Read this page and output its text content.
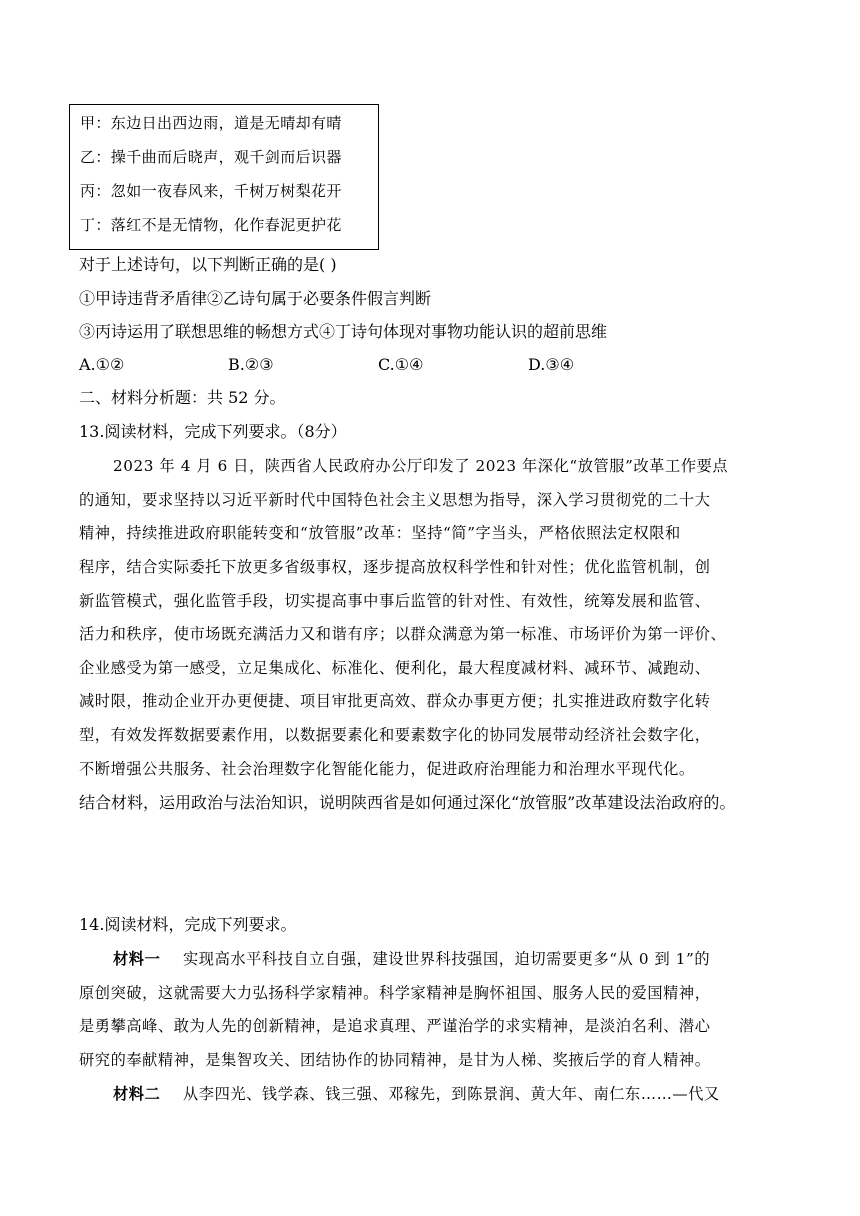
甲：东边日出西边雨，道是无晴却有晴
乙：操千曲而后晓声，观千剑而后识器
丙：忽如一夜春风来，千树万树梨花开
丁：落红不是无情物，化作春泥更护花
对于上述诗句，以下判断正确的是( )
①甲诗违背矛盾律②乙诗句属于必要条件假言判断
③丙诗运用了联想思维的畅想方式④丁诗句体现对事物功能认识的超前思维
A.①②	B.②③	C.①④	D.③④
二、材料分析题：共 52 分。
13.阅读材料，完成下列要求。（8分）
2023 年 4 月 6 日，陕西省人民政府办公厅印发了 2023 年深化“放管服”改革工作要点
的通知，要求坚持以习近平新时代中国特色社会主义思想为指导，深入学习贯彻党的二十大
精神，持续推进政府职能转变和“放管服”改革：坚持“简”字当头，严格依照法定权限和
程序，结合实际委托下放更多省级事权，逐步提高放权科学性和针对性；优化监管机制，创
新监管模式，强化监管手段，切实提高事中事后监管的针对性、有效性，统筹发展和监管、
活力和秩序，使市场既充满活力又和谐有序；以群众满意为第一标准、市场评价为第一评价、
企业感受为第一感受，立足集成化、标准化、便利化，最大程度减材料、减环节、减跑动、
减时限，推动企业开办更便捷、项目审批更高效、群众办事更方便；扎实推进政府数字化转
型，有效发挥数据要素作用，以数据要素化和要素数字化的协同发展带动经济社会数字化，
不断增强公共服务、社会治理数字化智能化能力，促进政府治理能力和治理水平现代化。
结合材料，运用政治与法治知识，说明陕西省是如何通过深化“放管服”改革建设法治政府的。
14.阅读材料，完成下列要求。
材料一 实现高水平科技自立自强，建设世界科技强国，迫切需要更多“从 0 到 1”的
原创突破，这就需要大力弘扬科学家精神。科学家精神是胸怀祖国、服务人民的爱国精神，
是勇攀高峰、敢为人先的创新精神，是追求真理、严谨治学的求实精神，是淡泊名利、潜心
研究的奉献精神，是集智攻关、团结协作的协同精神，是甘为人梯、奖掖后学的育人精神。
材料二 从李四光、钱学森、钱三强、邓稼先，到陈景润、黄大年、南仁东……—代又
